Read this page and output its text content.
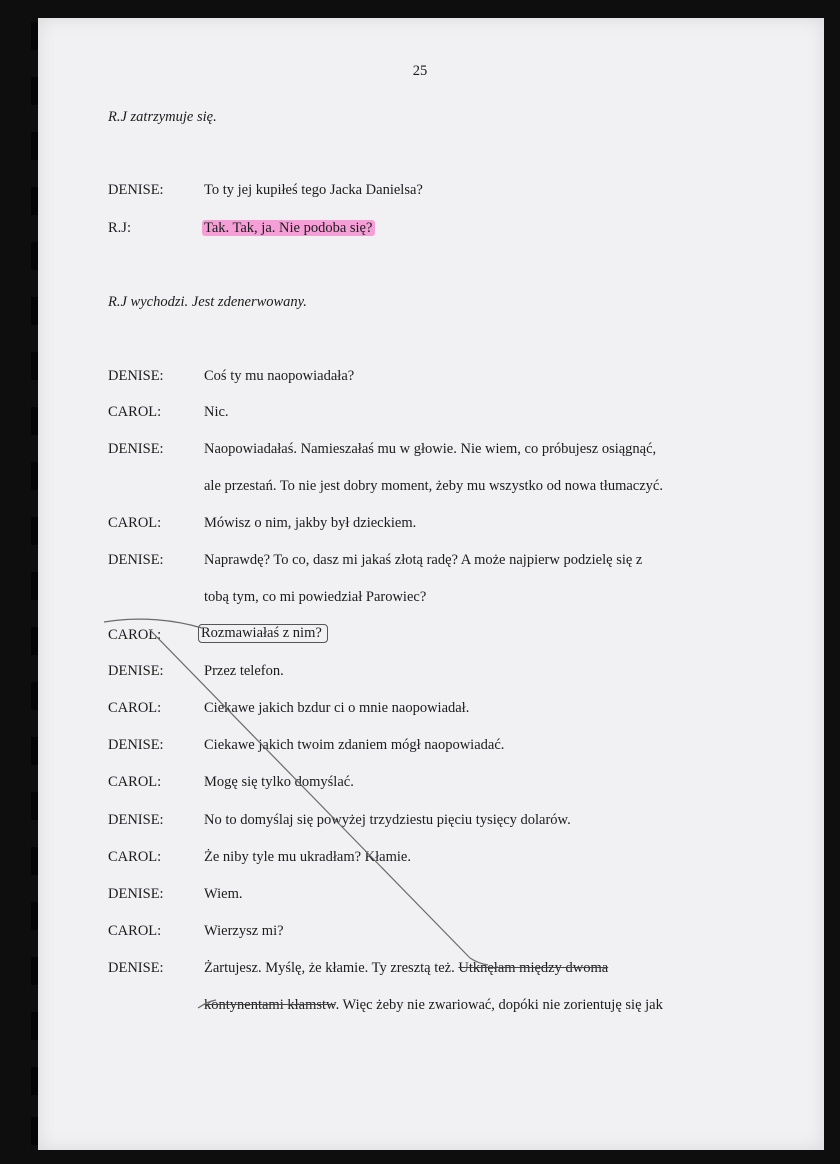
25
R.J zatrzymuje się.
DENISE:	To ty jej kupiłeś tego Jacka Danielsa?
R.J:	Tak. Tak, ja. Nie podoba się?
R.J wychodzi. Jest zdenerwowany.
DENISE:	Coś ty mu naopowiadała?
CAROL:	Nic.
DENISE:	Naopowiadałaś. Namieszałaś mu w głowie. Nie wiem, co próbujesz osiągnąć,
ale przestań. To nie jest dobry moment, żeby mu wszystko od nowa tłumaczyć.
CAROL:	Mówisz o nim, jakby był dzieckiem.
DENISE:	Naprawdę? To co, dasz mi jakaś złotą radę? A może najpierw podzielę się z
tobą tym, co mi powiedział Parowiec?
CAROL:	Rozmawiałaś z nim?
DENISE:	Przez telefon.
CAROL:	Ciekawe jakich bzdur ci o mnie naopowiadał.
DENISE:	Ciekawe jakich twoim zdaniem mógł naopowiadać.
CAROL:	Mogę się tylko domyślać.
DENISE:	No to domyślaj się powyżej trzydziestu pięciu tysięcy dolarów.
CAROL:	Że niby tyle mu ukradłam? Kłamie.
DENISE:	Wiem.
CAROL:	Wierzysz mi?
DENISE:	Żartujesz. Myślę, że kłamie. Ty zresztą też. Utknęłam między dwoma
kontynentami kłamstw. Więc żeby nie zwariować, dopóki nie zorientuję się jak
